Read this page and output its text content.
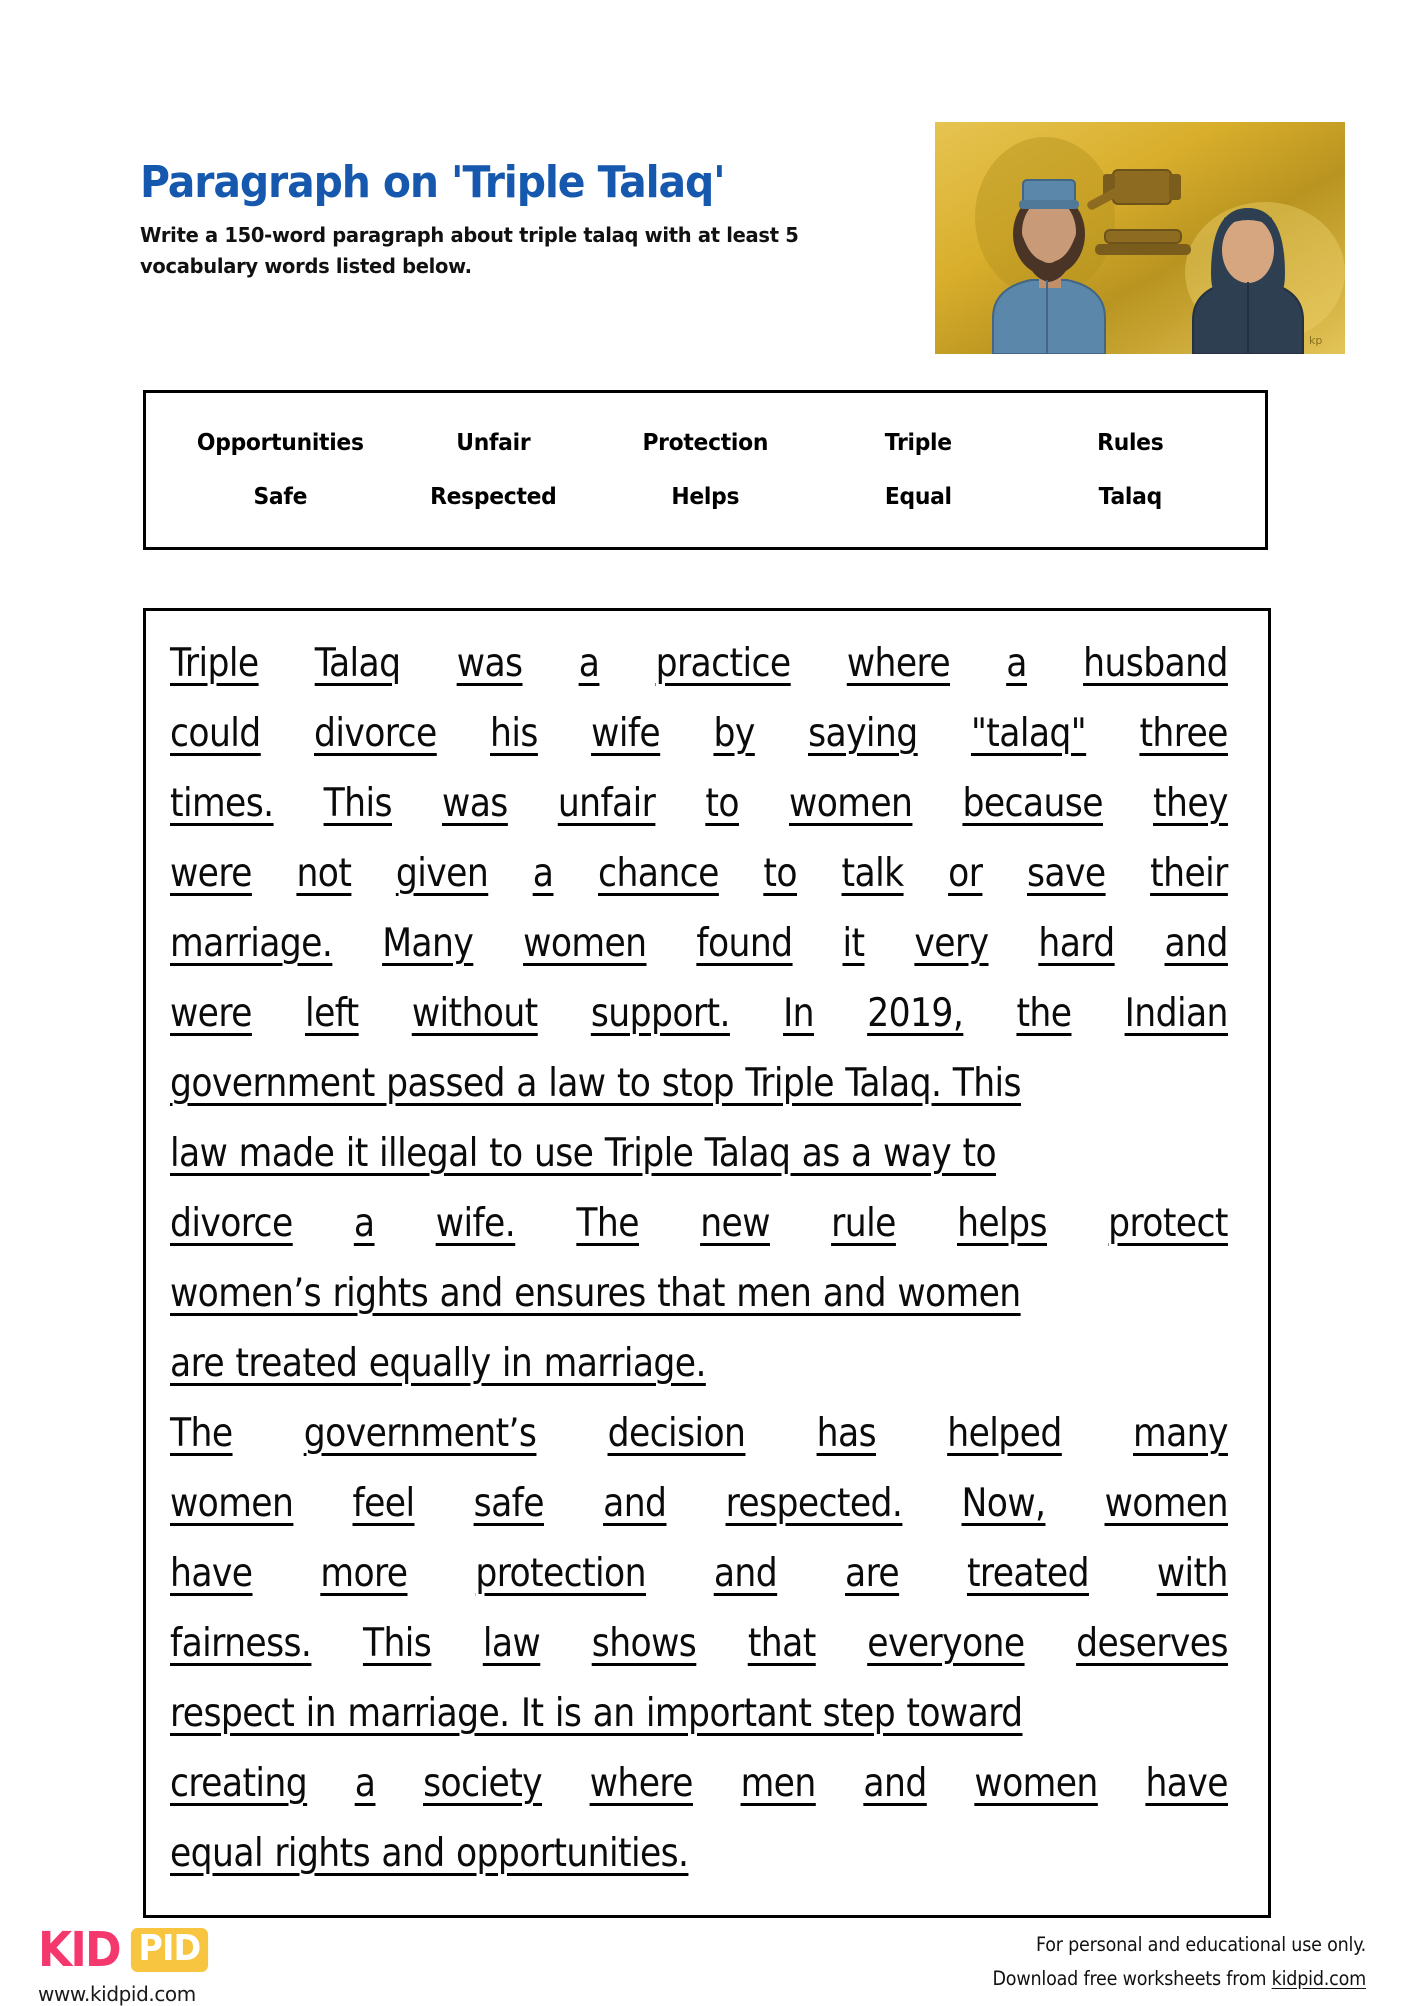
Paragraph on 'Triple Talaq'

Write a 150-word paragraph about triple talaq with at least 5 vocabulary words listed below.

kp
Opportunities	Unfair	Protection	Triple	Rules
Safe	Respected	Helps	Equal	Talaq
Triple Talaq was a practice where a husband
could divorce his wife by saying "talaq" three
times. This was unfair to women because they
were not given a chance to talk or save their
marriage. Many women found it very hard and
were left without support. In 2019, the Indian
government passed a law to stop Triple Talaq. This
law made it illegal to use Triple Talaq as a way to
divorce a wife. The new rule helps protect
women’s rights and ensures that men and women
are treated equally in marriage.
The government’s decision has helped many
women feel safe and respected. Now, women
have more protection and are treated with
fairness. This law shows that everyone deserves
respect in marriage. It is an important step toward
creating a society where men and women have
equal rights and opportunities.
KID PID
www.kidpid.com
For personal and educational use only.
Download free worksheets from kidpid.com
